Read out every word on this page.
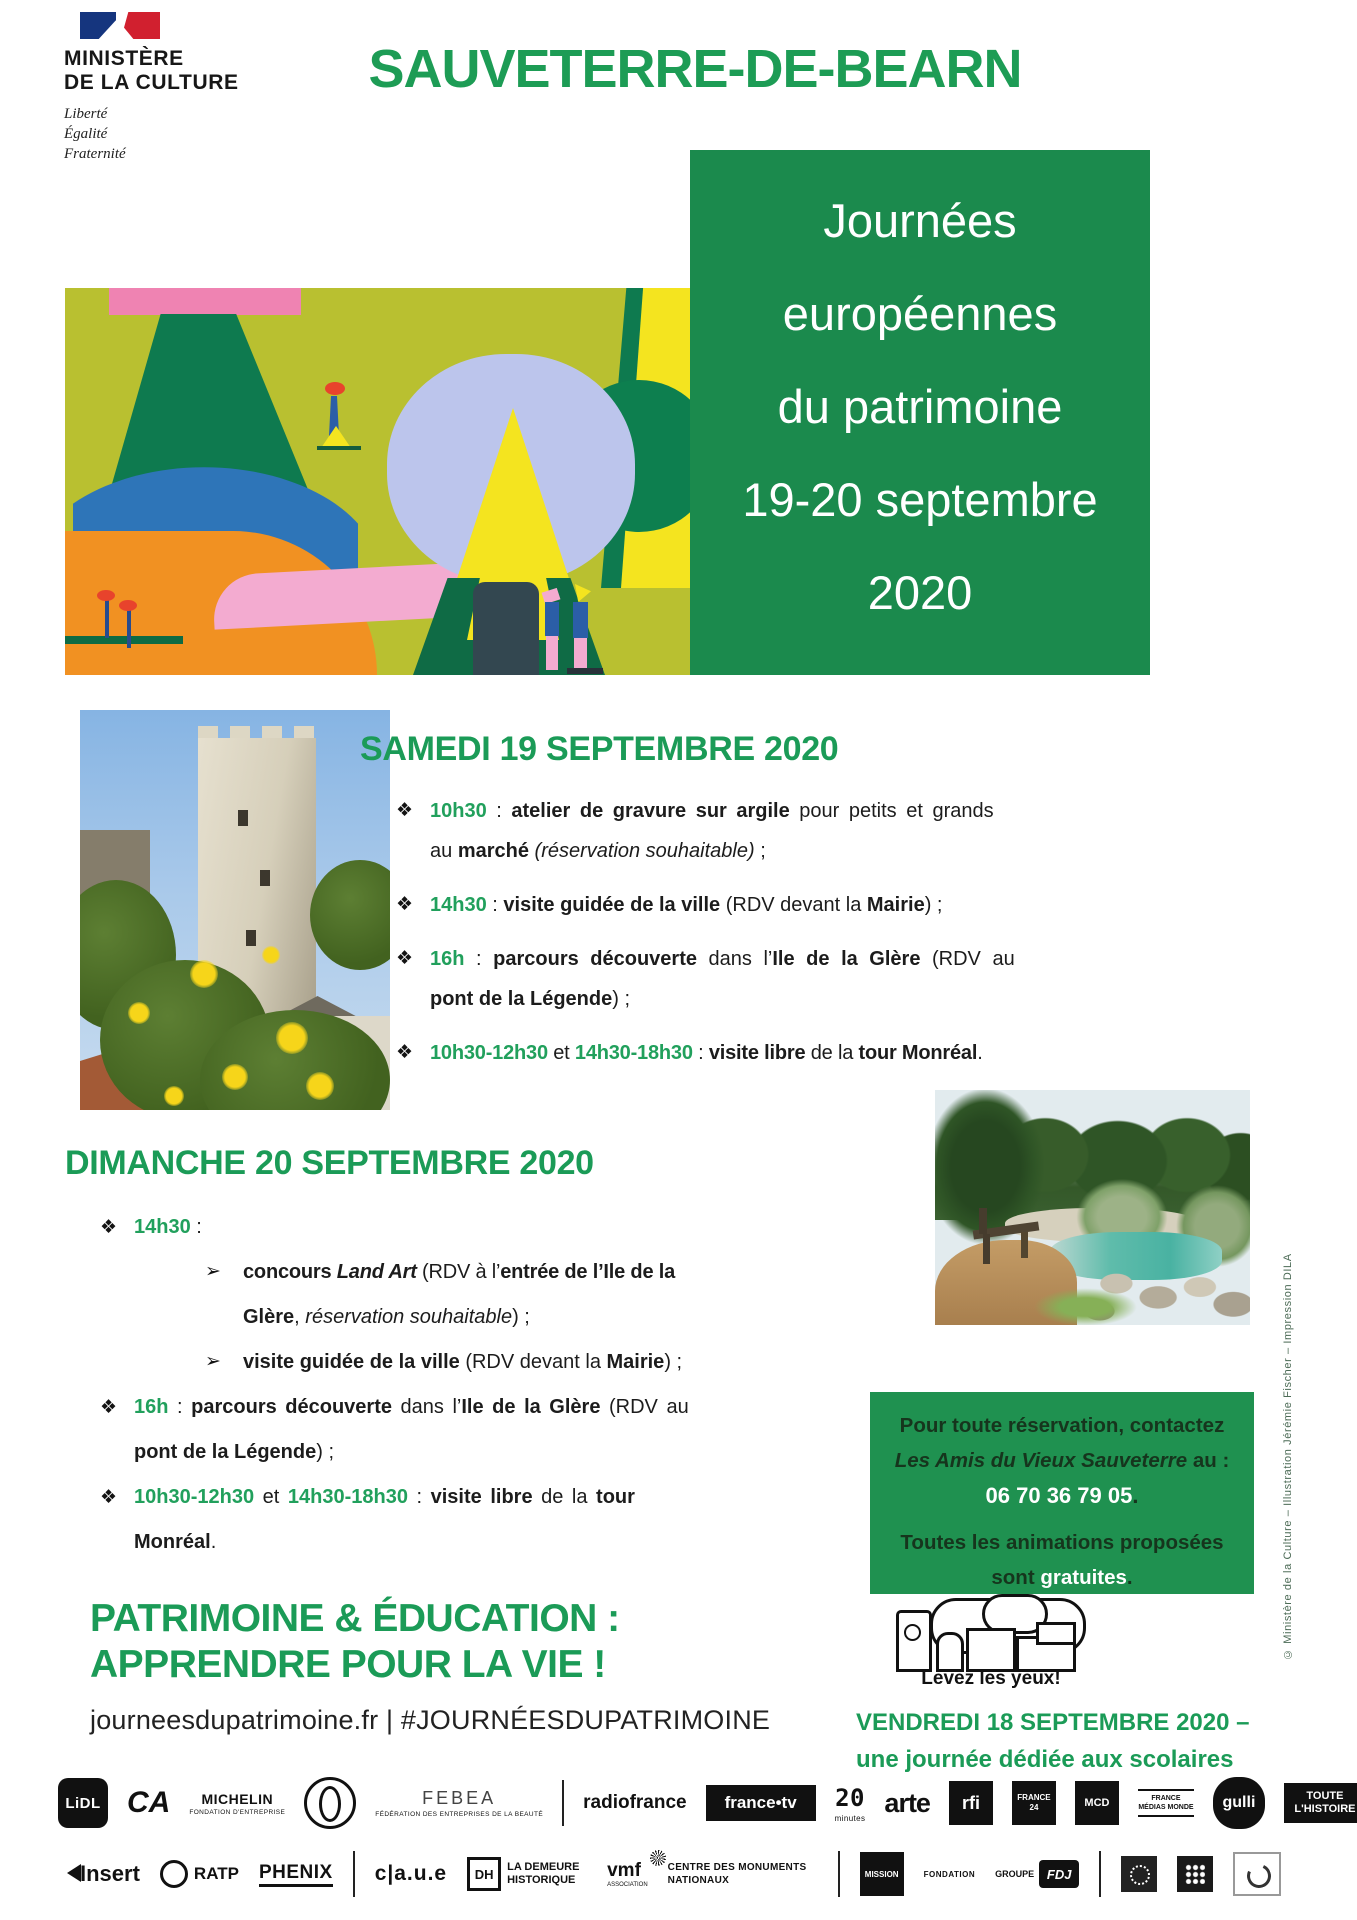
MINISTÈRE
DE LA CULTURE
Liberté
Égalité
Fraternité
SAUVETERRE-DE-BEARN
Journées
européennes
du patrimoine
19-20 septembre
2020
SAMEDI 19 SEPTEMBRE 2020
❖ 10h30 : atelier de gravure sur argile pour petits et grands
au marché (réservation souhaitable) ;
❖ 14h30 : visite guidée de la ville (RDV devant la Mairie) ;
❖ 16h : parcours découverte dans l’Ile de la Glère (RDV au
pont de la Légende) ;
❖ 10h30-12h30 et 14h30-18h30 : visite libre de la tour Monréal.
DIMANCHE 20 SEPTEMBRE 2020
❖ 14h30 :
➢ concours Land Art (RDV à l’entrée de l’Ile de la
Glère, réservation souhaitable) ;
➢ visite guidée de la ville (RDV devant la Mairie) ;
❖ 16h : parcours découverte dans l’Ile de la Glère (RDV au
pont de la Légende) ;
❖ 10h30-12h30 et 14h30-18h30 : visite libre de la tour
Monréal.
Pour toute réservation, contactez
Les Amis du Vieux Sauveterre au :
06 70 36 79 05.
Toutes les animations proposées
sont gratuites.	© Ministère de la Culture – Illustration Jérémie Fischer – Impression DILA
PATRIMOINE & ÉDUCATION :
APPRENDRE POUR LA VIE !
journeesdupatrimoine.fr | #JOURNÉESDUPATRIMOINE
Levez les yeux!
VENDREDI 18 SEPTEMBRE 2020 –
une journée dédiée aux scolaires
LiDL CA	MICHELIN
FONDATION D'ENTREPRISE
FEBEA
FÉDÉRATION DES ENTREPRISES DE LA BEAUTÉ
radiofrance france•tv 20
minutes
arte rfi	FRANCE 24	MCD	FRANCE MÉDIAS MONDE gulli	TOUTE L'HISTOIRE
Insert	RATP PHENIX c|a.u.e	DH	LA DEMEURE HISTORIQUE	vmf
ASSOCIATION
CENTRE DES MONUMENTS NATIONAUX
MISSION	FONDATION GROUPE FDJ
